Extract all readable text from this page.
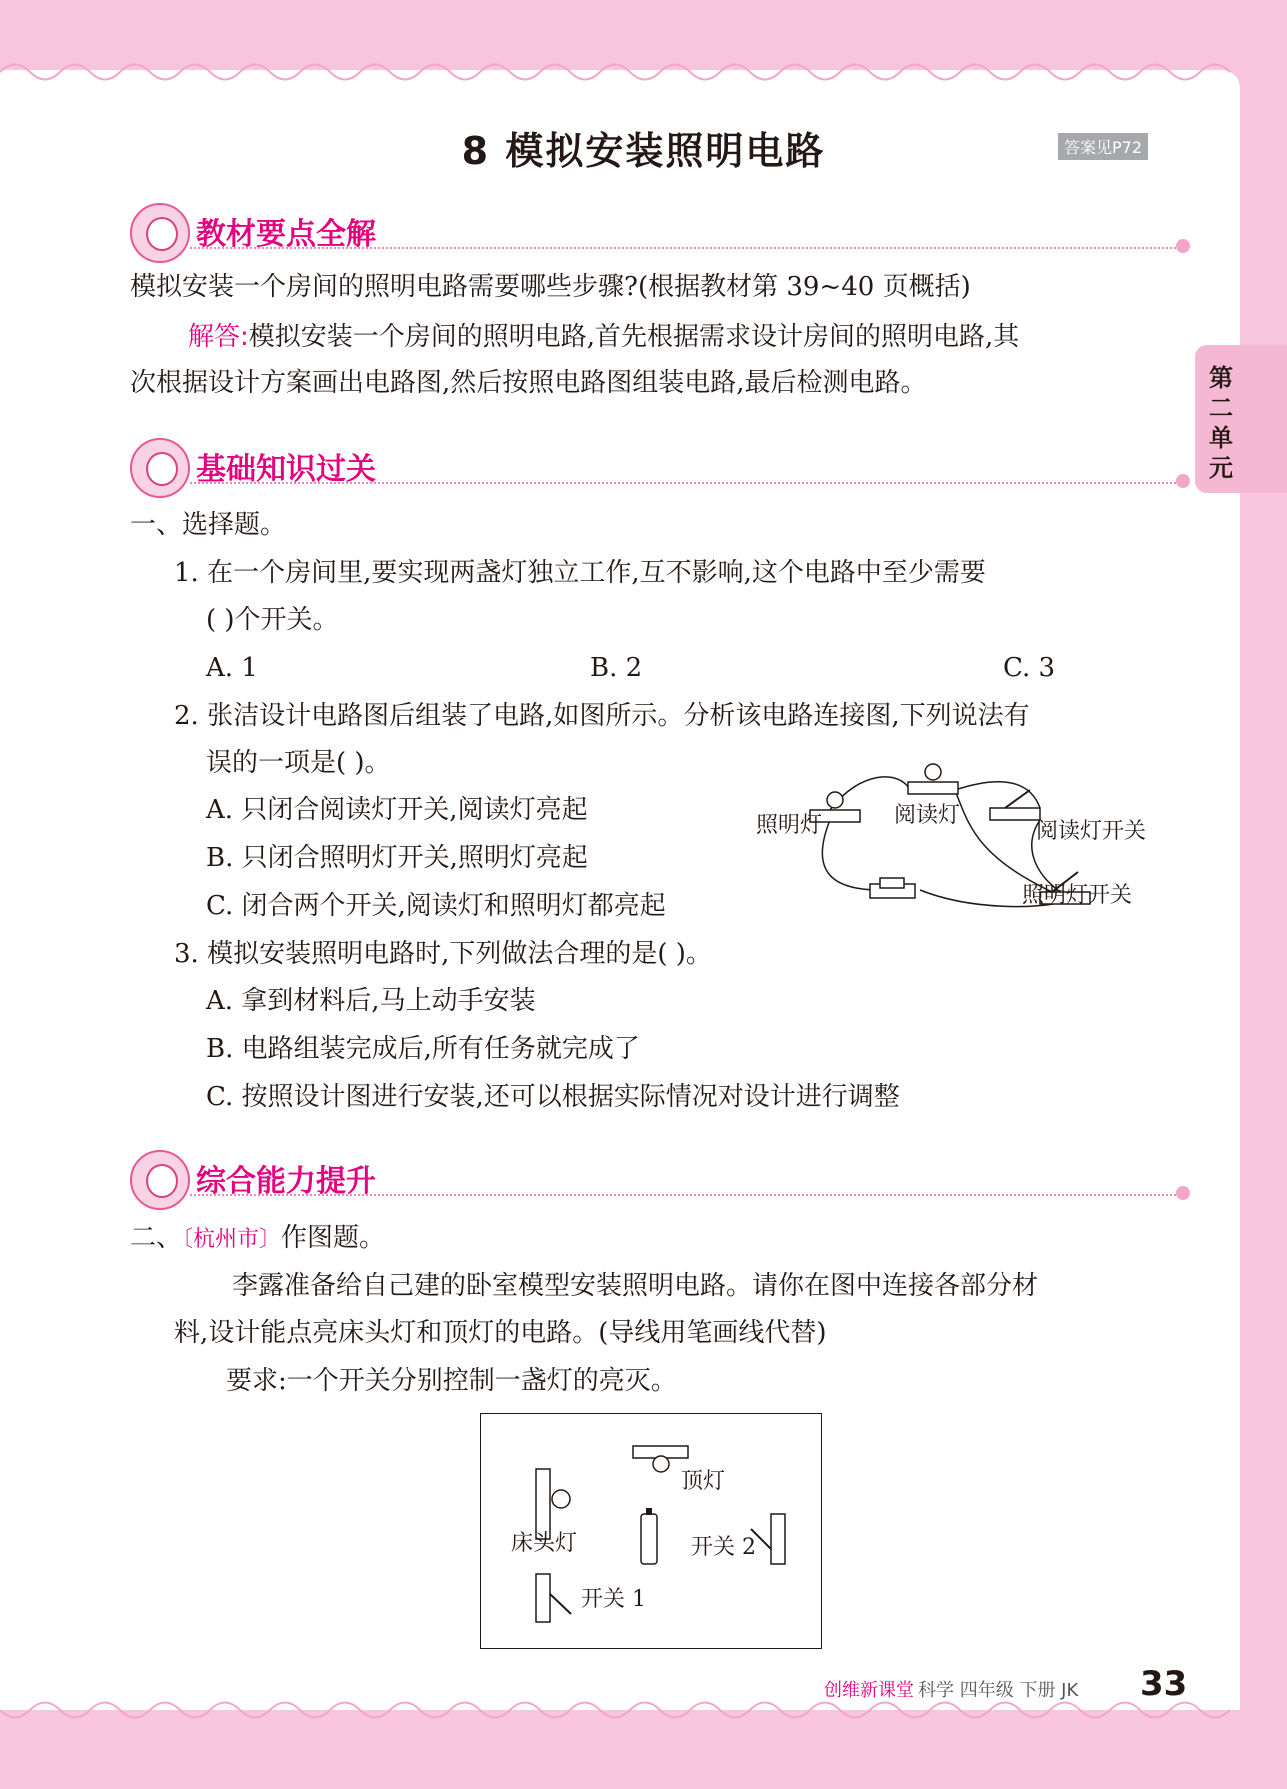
8 模拟安装照明电路	答案见P72
第二单元
教材要点全解
模拟安装一个房间的照明电路需要哪些步骤?(根据教材第 39~40 页概括)
解答:模拟安装一个房间的照明电路,首先根据需求设计房间的照明电路,其
次根据设计方案画出电路图,然后按照电路图组装电路,最后检测电路。
基础知识过关
一、选择题。
1. 在一个房间里,要实现两盏灯独立工作,互不影响,这个电路中至少需要
( )个开关。
A. 1	B. 2	C. 3
2. 张洁设计电路图后组装了电路,如图所示。分析该电路连接图,下列说法有
误的一项是( )。
A. 只闭合阅读灯开关,阅读灯亮起
B. 只闭合照明灯开关,照明灯亮起
C. 闭合两个开关,阅读灯和照明灯都亮起
照明灯	阅读灯
阅读灯开关
照明灯开关
3. 模拟安装照明电路时,下列做法合理的是( )。
A. 拿到材料后,马上动手安装
B. 电路组装完成后,所有任务就完成了
C. 按照设计图进行安装,还可以根据实际情况对设计进行调整
综合能力提升
二、〔杭州市〕作图题。
李露准备给自己建的卧室模型安装照明电路。请你在图中连接各部分材
料,设计能点亮床头灯和顶灯的电路。(导线用笔画线代替)
要求:一个开关分别控制一盏灯的亮灭。
顶灯
床头灯	开关 2
开关 1
创维新课堂 科学 四年级 下册 JK 33
